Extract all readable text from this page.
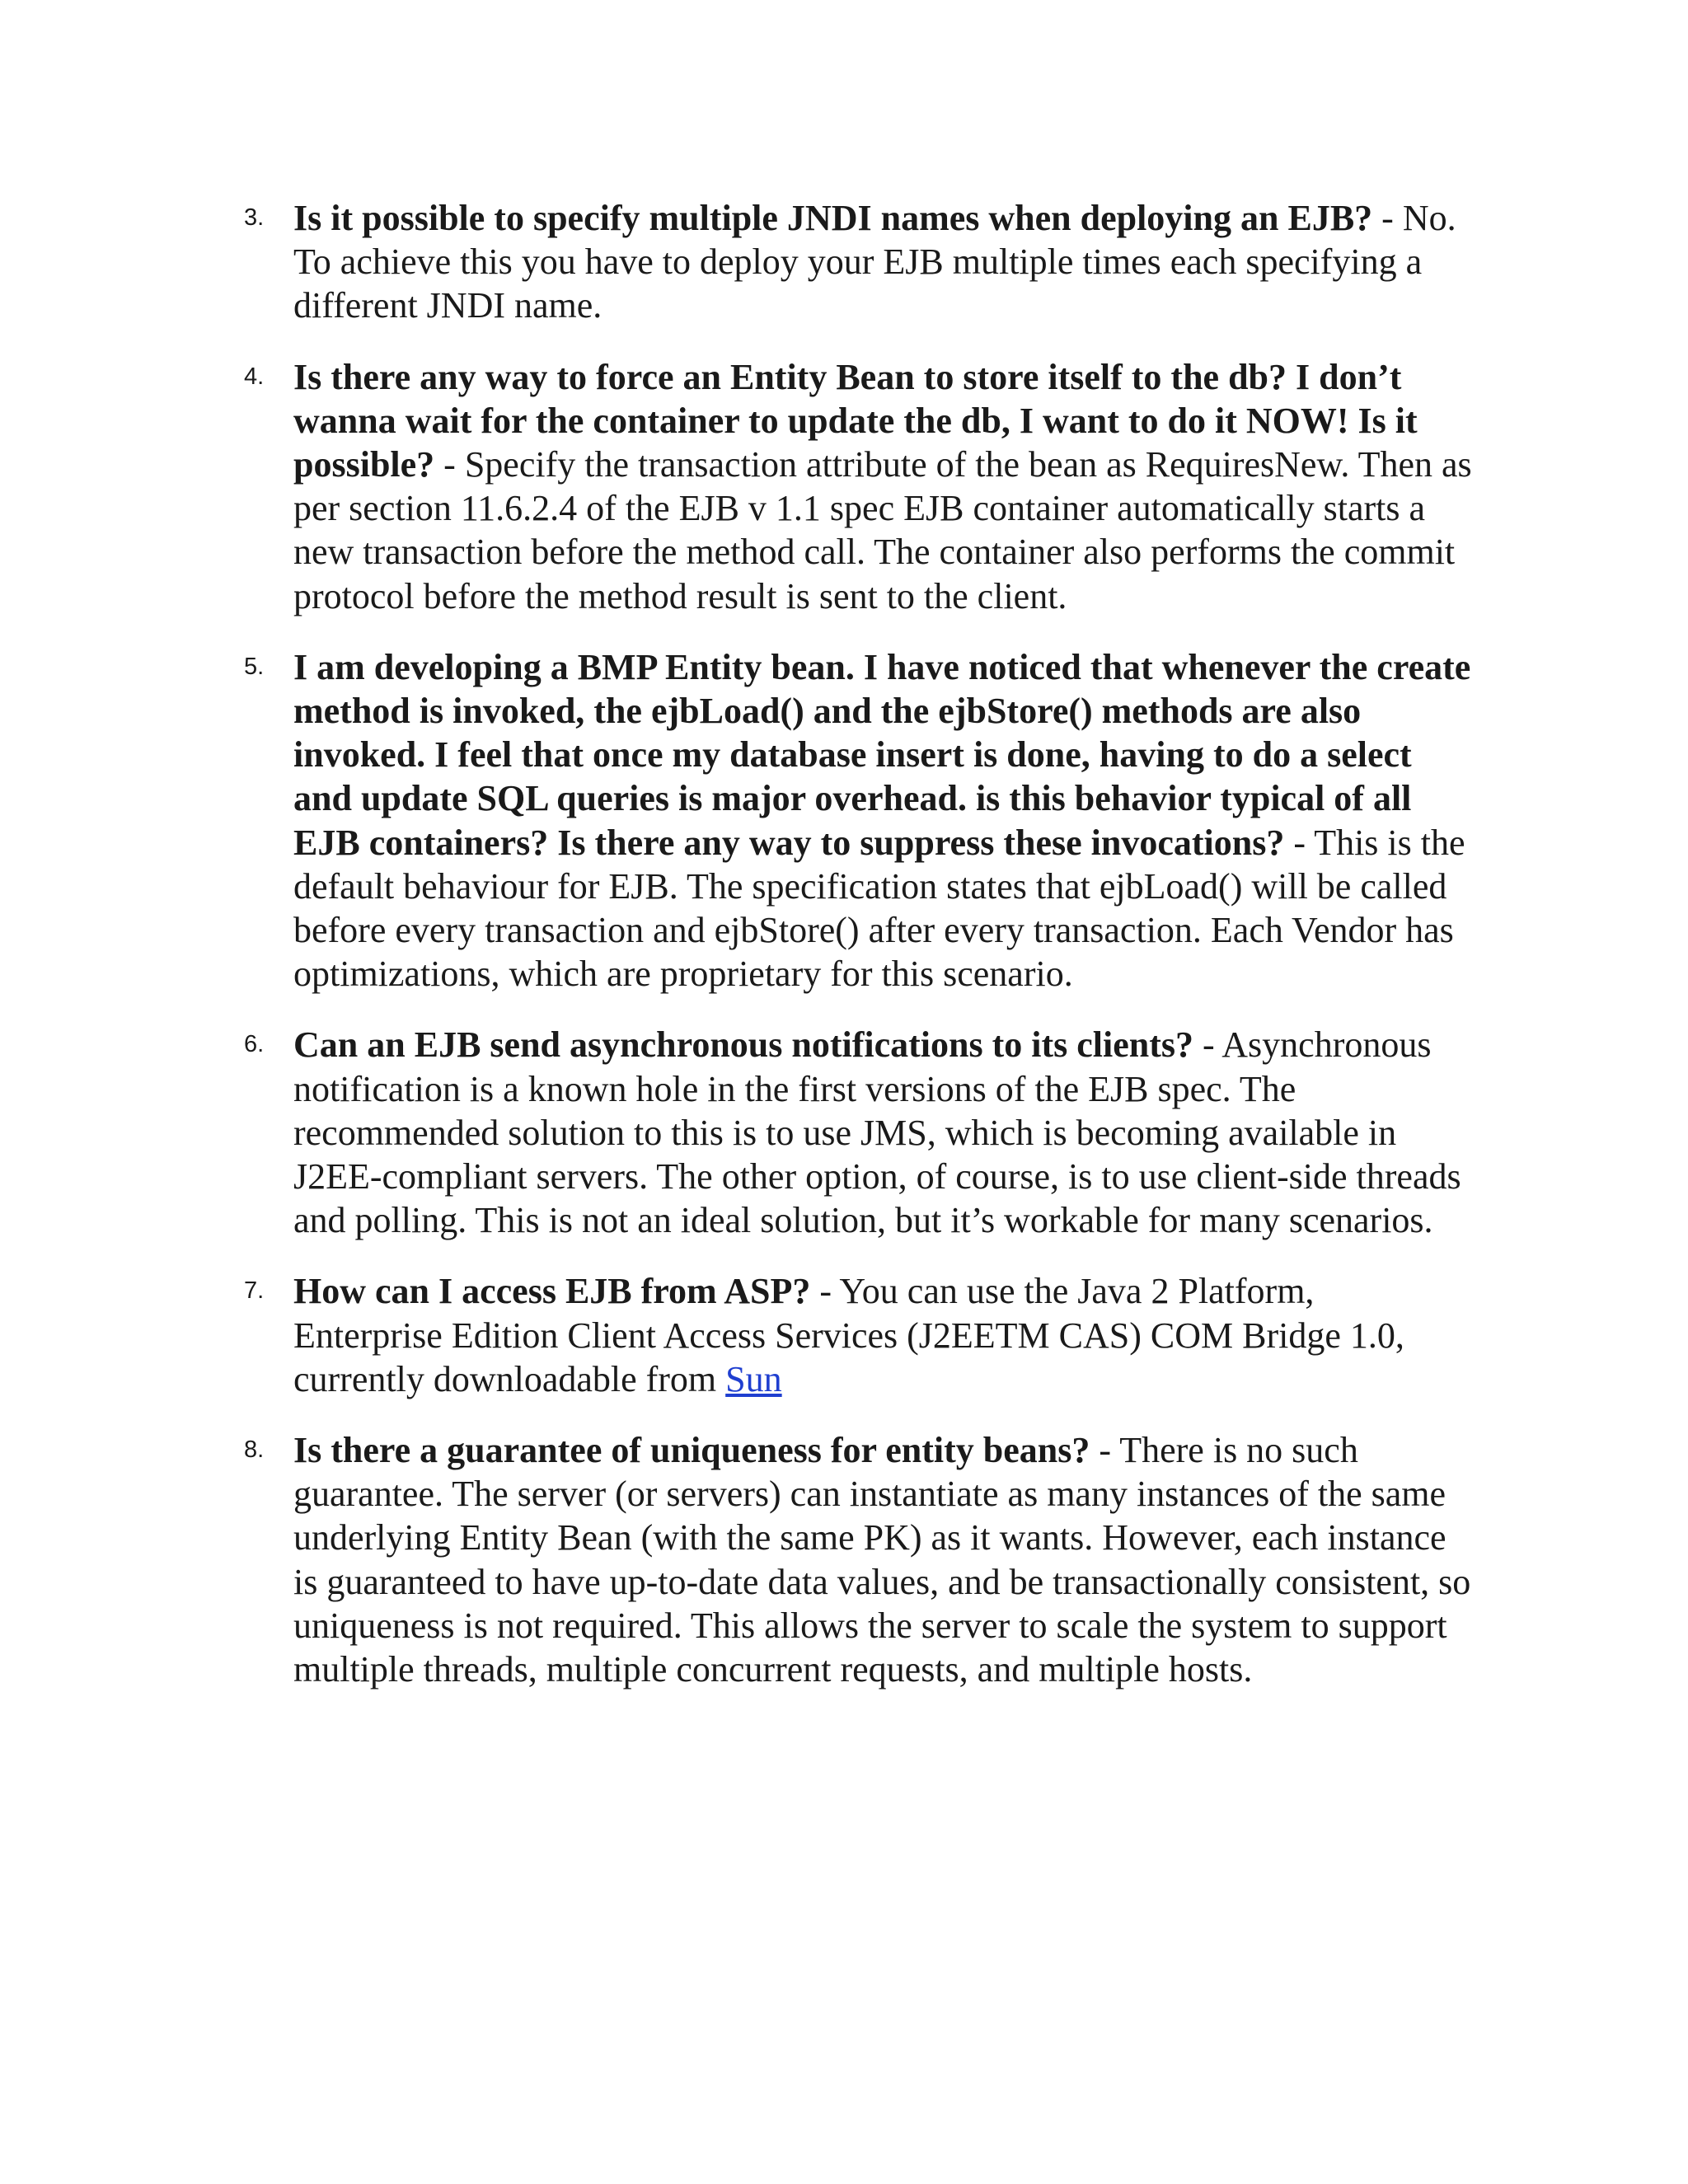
3. Is it possible to specify multiple JNDI names when deploying an EJB? - No. To achieve this you have to deploy your EJB multiple times each specifying a different JNDI name.
4. Is there any way to force an Entity Bean to store itself to the db? I don’t wanna wait for the container to update the db, I want to do it NOW! Is it possible? - Specify the transaction attribute of the bean as RequiresNew. Then as per section 11.6.2.4 of the EJB v 1.1 spec EJB container automatically starts a new transaction before the method call. The container also performs the commit protocol before the method result is sent to the client.
5. I am developing a BMP Entity bean. I have noticed that whenever the create method is invoked, the ejbLoad() and the ejbStore() methods are also invoked. I feel that once my database insert is done, having to do a select and update SQL queries is major overhead. is this behavior typical of all EJB containers? Is there any way to suppress these invocations? - This is the default behaviour for EJB. The specification states that ejbLoad() will be called before every transaction and ejbStore() after every transaction. Each Vendor has optimizations, which are proprietary for this scenario.
6. Can an EJB send asynchronous notifications to its clients? - Asynchronous notification is a known hole in the first versions of the EJB spec. The recommended solution to this is to use JMS, which is becoming available in J2EE-compliant servers. The other option, of course, is to use client-side threads and polling. This is not an ideal solution, but it’s workable for many scenarios.
7. How can I access EJB from ASP? - You can use the Java 2 Platform, Enterprise Edition Client Access Services (J2EETM CAS) COM Bridge 1.0, currently downloadable from Sun
8. Is there a guarantee of uniqueness for entity beans? - There is no such guarantee. The server (or servers) can instantiate as many instances of the same underlying Entity Bean (with the same PK) as it wants. However, each instance is guaranteed to have up-to-date data values, and be transactionally consistent, so uniqueness is not required. This allows the server to scale the system to support multiple threads, multiple concurrent requests, and multiple hosts.
